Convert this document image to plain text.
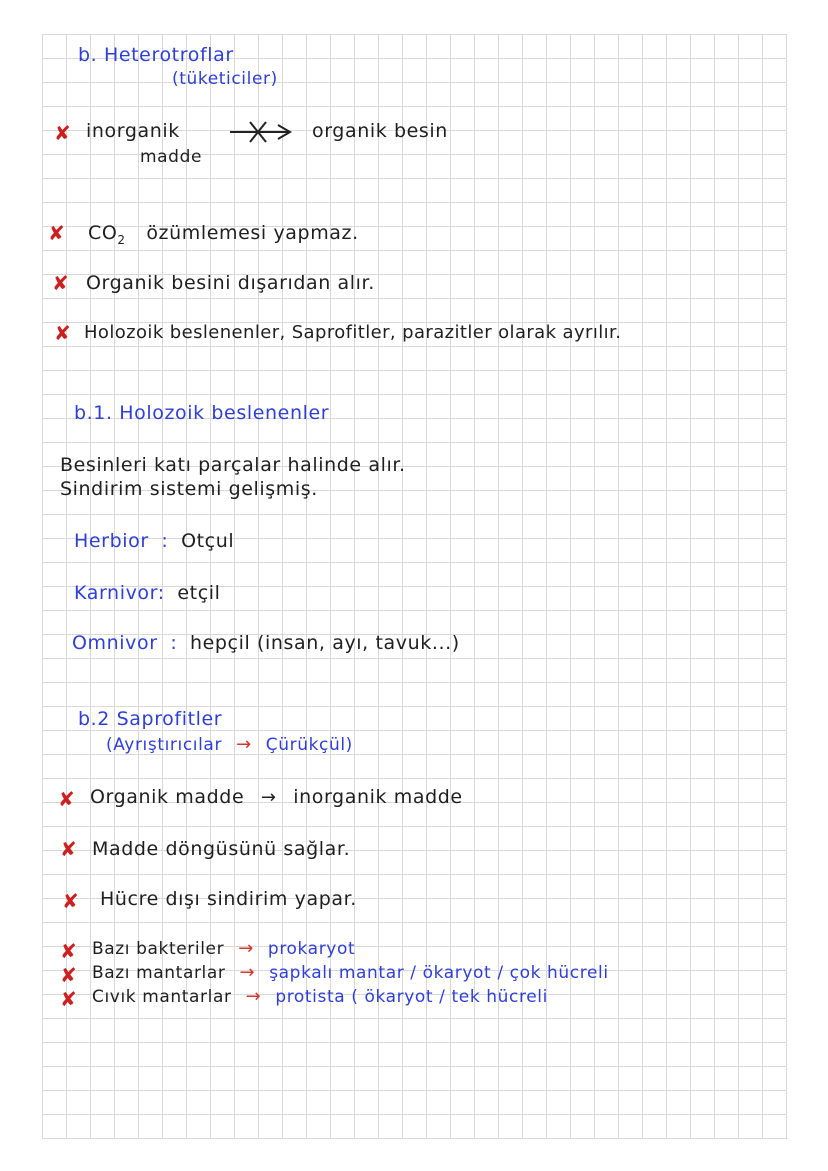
b. Heterotroflar
(tüketiciler)
✘ inorganik
madde
organik besin
✘ $CO_2$ özümlemesi yapmaz.
✘ Organik besini dışarıdan alır.
✘ Holozoik beslenenler, Saprofitler, parazitler olarak ayrılır.
b.1. Holozoik beslenenler
Besinleri katı parçalar halinde alır.
Sindirim sistemi gelişmiş.
Herbior : Otçul
Karnivor: etçil
Omnivor : hepçil (insan, ayı, tavuk...)
b.2 Saprofitler
(Ayrıştırıcılar → Çürükçül)
✘ Organik madde → inorganik madde
✘ Madde döngüsünü sağlar.
✘ Hücre dışı sindirim yapar.
✘ Bazı bakteriler → prokaryot
✘ Bazı mantarlar → şapkalı mantar / ökaryot / çok hücreli
✘ Cıvık mantarlar → protista ( ökaryot / tek hücreli
